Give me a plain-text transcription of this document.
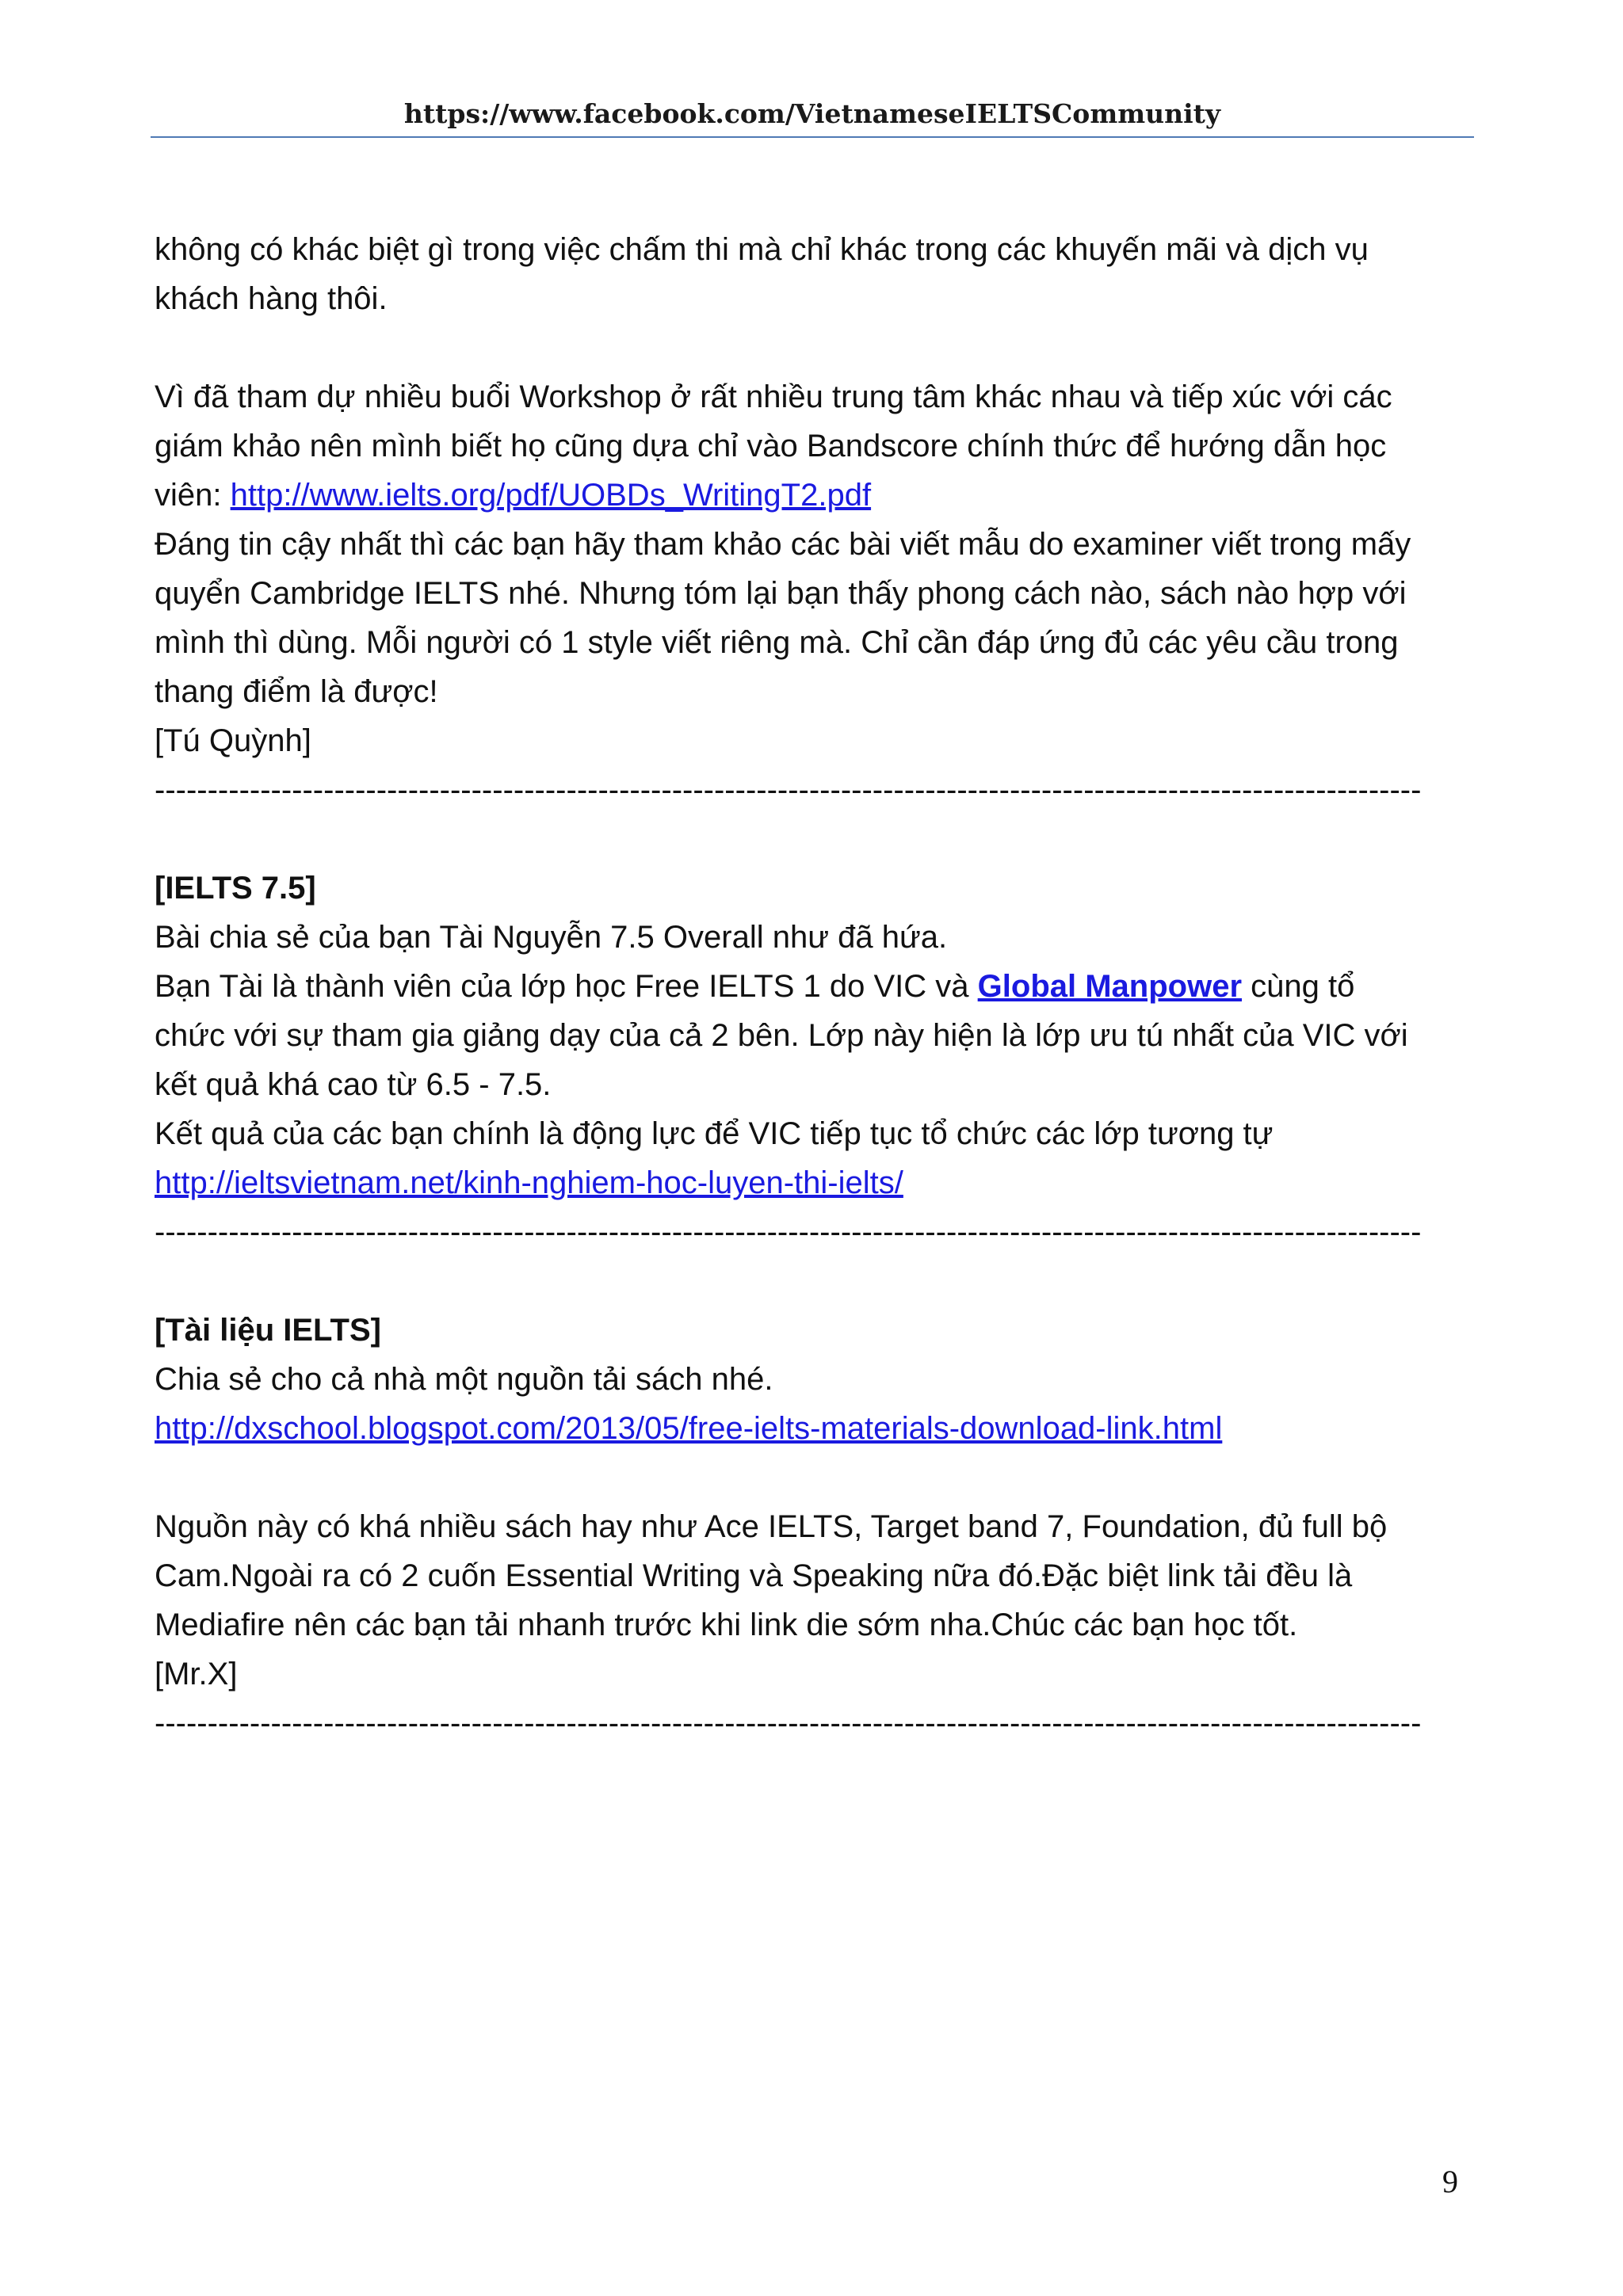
https://www.facebook.com/VietnameseIELTSCommunity
không có khác biệt gì trong việc chấm thi mà chỉ khác trong các khuyến mãi và dịch vụ
khách hàng thôi.
Vì đã tham dự nhiều buổi Workshop ở rất nhiều trung tâm khác nhau và tiếp xúc với các
giám khảo nên mình biết họ cũng dựa chỉ vào Bandscore chính thức để hướng dẫn học
viên: http://www.ielts.org/pdf/UOBDs_WritingT2.pdf
Đáng tin cậy nhất thì các bạn hãy tham khảo các bài viết mẫu do examiner viết trong mấy
quyển Cambridge IELTS nhé. Nhưng tóm lại bạn thấy phong cách nào, sách nào hợp với
mình thì dùng. Mỗi người có 1 style viết riêng mà. Chỉ cần đáp ứng đủ các yêu cầu trong
thang điểm là được!
[Tú Quỳnh]
------------------------------------------------------------------------------------------------------------------------
[IELTS 7.5]
Bài chia sẻ của bạn Tài Nguyễn 7.5 Overall như đã hứa.
Bạn Tài là thành viên của lớp học Free IELTS 1 do VIC và Global Manpower cùng tổ
chức với sự tham gia giảng dạy của cả 2 bên. Lớp này hiện là lớp ưu tú nhất của VIC với
kết quả khá cao từ 6.5 - 7.5.
Kết quả của các bạn chính là động lực để VIC tiếp tục tổ chức các lớp tương tự
http://ieltsvietnam.net/kinh-nghiem-hoc-luyen-thi-ielts/
------------------------------------------------------------------------------------------------------------------------
[Tài liệu IELTS]
Chia sẻ cho cả nhà một nguồn tải sách nhé.
http://dxschool.blogspot.com/2013/05/free-ielts-materials-download-link.html
Nguồn này có khá nhiều sách hay như Ace IELTS, Target band 7, Foundation, đủ full bộ
Cam.Ngoài ra có 2 cuốn Essential Writing và Speaking nữa đó.Đặc biệt link tải đều là
Mediafire nên các bạn tải nhanh trước khi link die sớm nha.Chúc các bạn học tốt.
[Mr.X]
------------------------------------------------------------------------------------------------------------------------
9
